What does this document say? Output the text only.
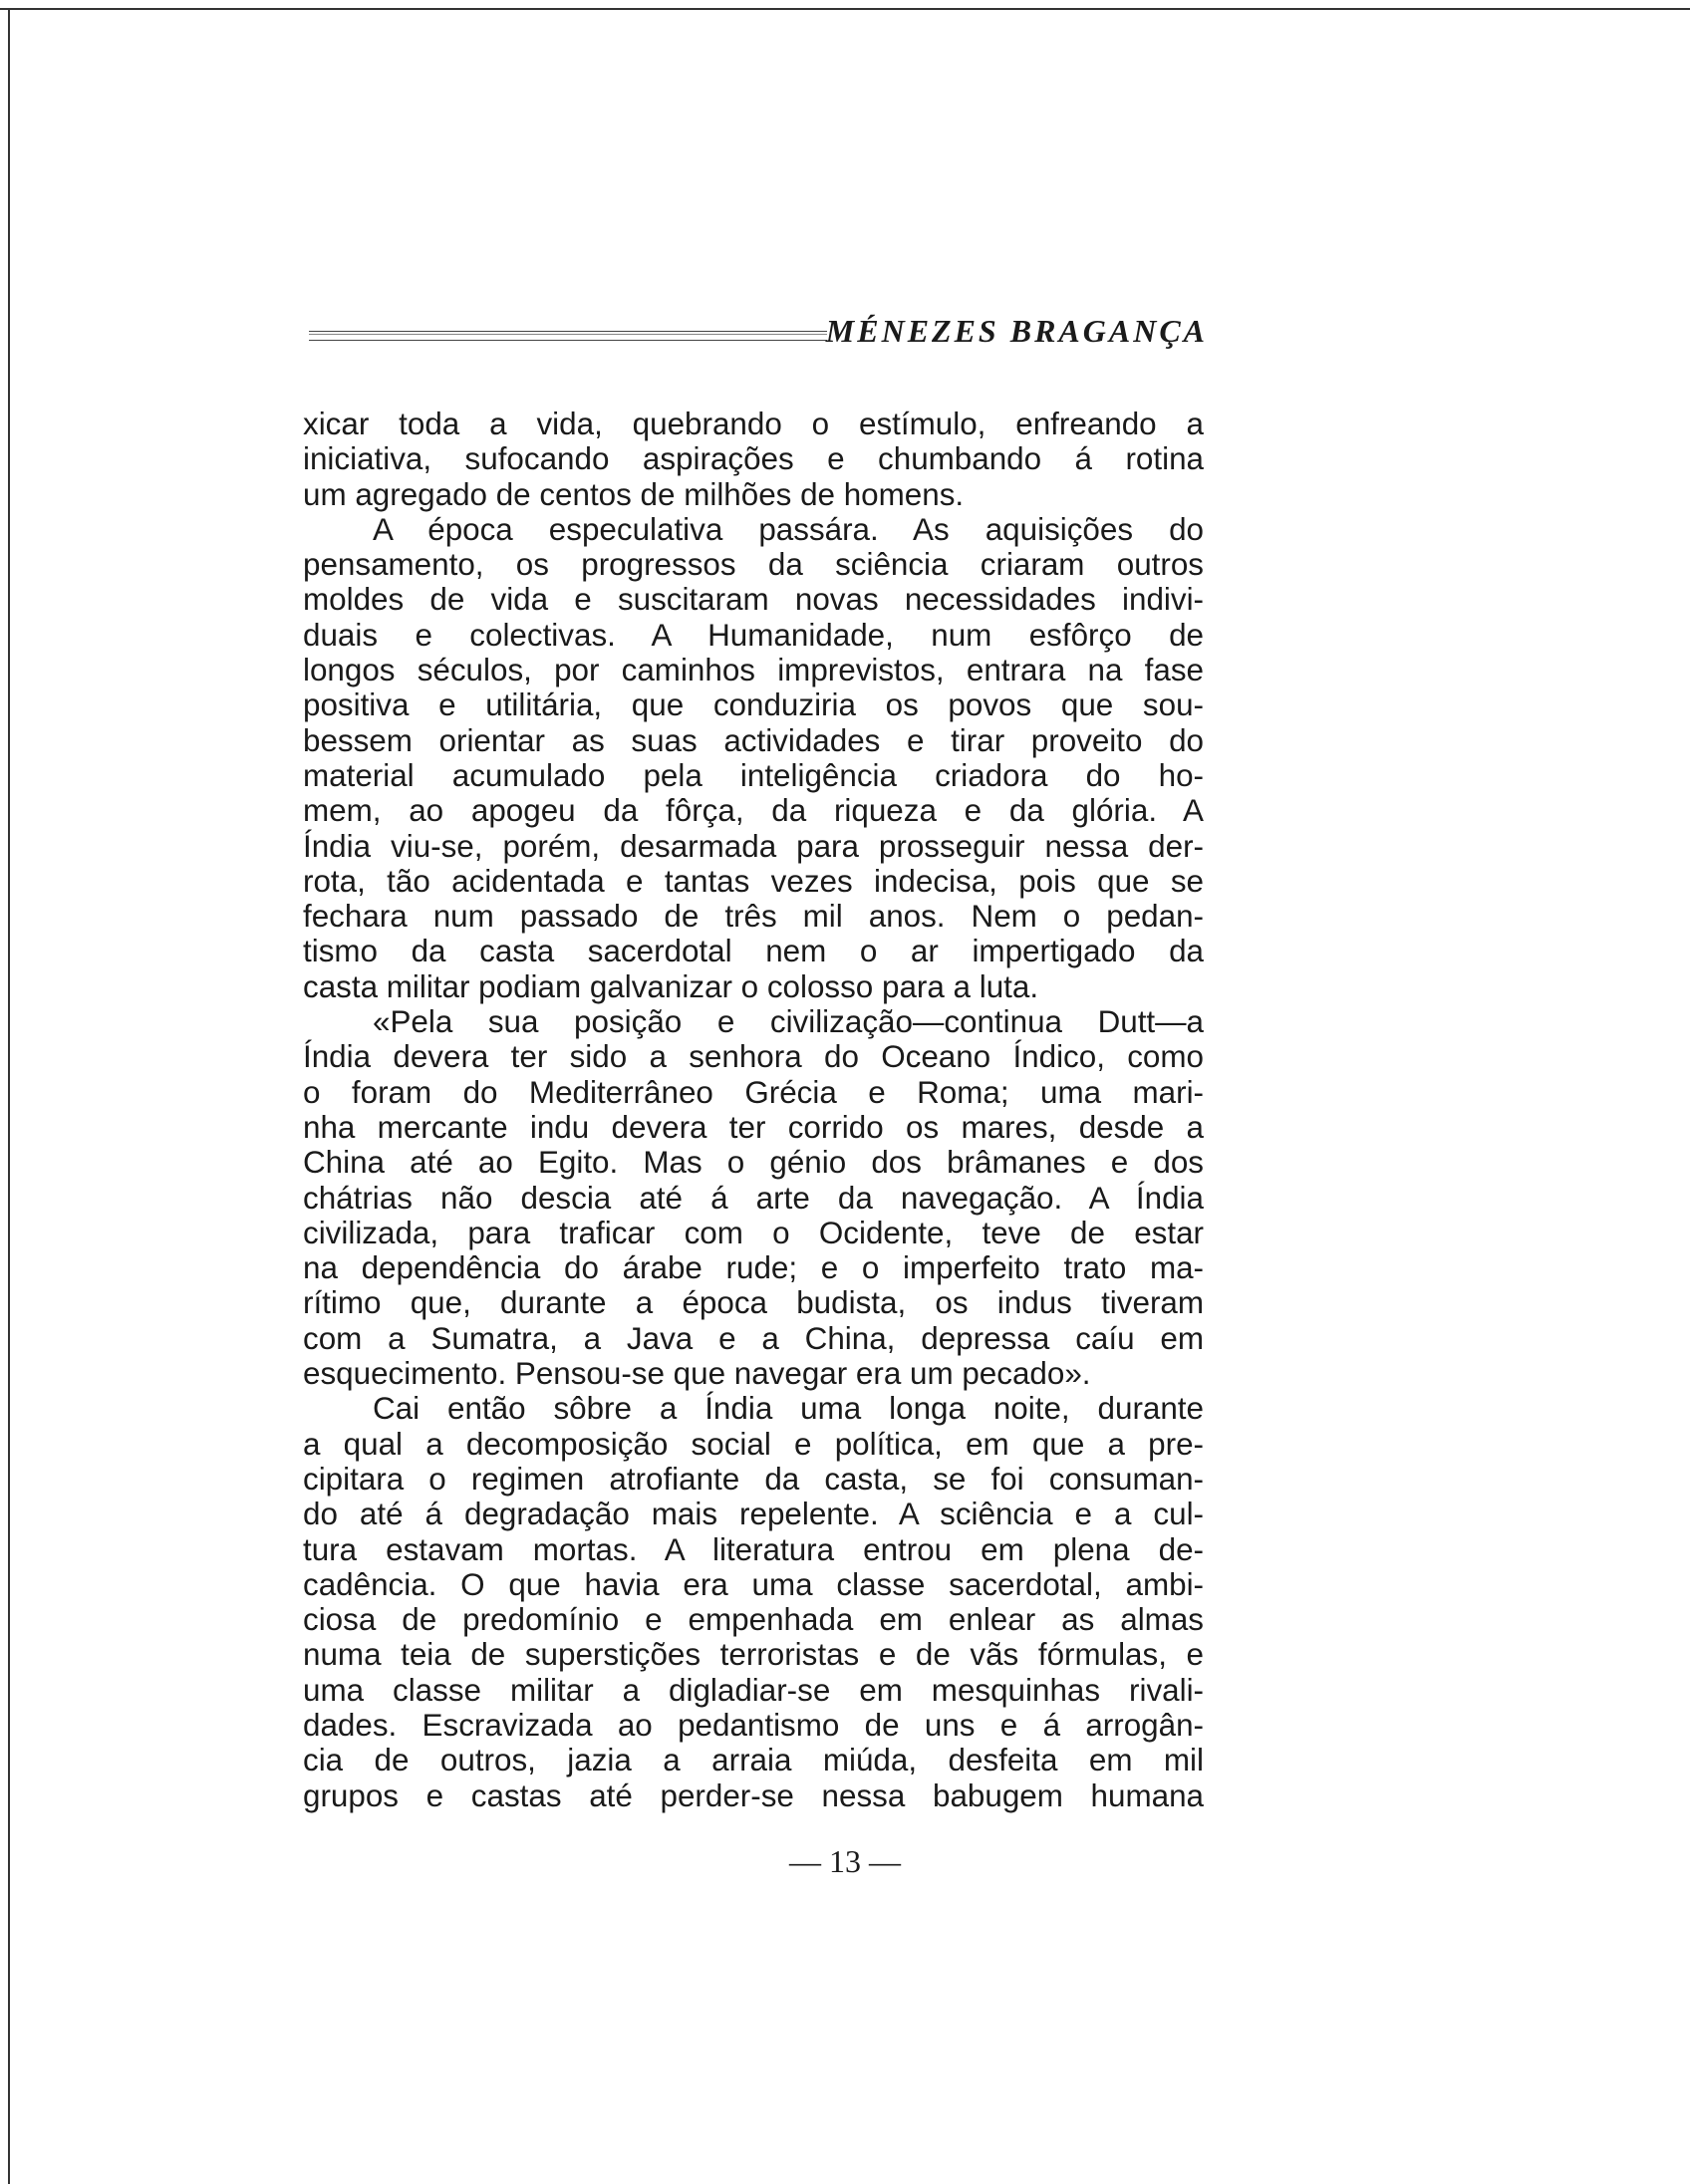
MÉNEZES BRAGANÇA
xicar toda a vida, quebrando o estímulo, enfreando a
iniciativa, sufocando aspirações e chumbando á rotina
um agregado de centos de milhões de homens.
A época especulativa passára. As aquisições do
pensamento, os progressos da sciência criaram outros
moldes de vida e suscitaram novas necessidades indivi-
duais e colectivas. A Humanidade, num esfôrço de
longos séculos, por caminhos imprevistos, entrara na fase
positiva e utilitária, que conduziria os povos que sou-
bessem orientar as suas actividades e tirar proveito do
material acumulado pela inteligência criadora do ho-
mem, ao apogeu da fôrça, da riqueza e da glória. A
Índia viu-se, porém, desarmada para prosseguir nessa der-
rota, tão acidentada e tantas vezes indecisa, pois que se
fechara num passado de três mil anos. Nem o pedan-
tismo da casta sacerdotal nem o ar impertigado da
casta militar podiam galvanizar o colosso para a luta.
«Pela sua posição e civilização—continua Dutt—a
Índia devera ter sido a senhora do Oceano Índico, como
o foram do Mediterrâneo Grécia e Roma; uma mari-
nha mercante indu devera ter corrido os mares, desde a
China até ao Egito. Mas o génio dos brâmanes e dos
chátrias não descia até á arte da navegação. A Índia
civilizada, para traficar com o Ocidente, teve de estar
na dependência do árabe rude; e o imperfeito trato ma-
rítimo que, durante a época budista, os indus tiveram
com a Sumatra, a Java e a China, depressa caíu em
esquecimento. Pensou-se que navegar era um pecado».
Cai então sôbre a Índia uma longa noite, durante
a qual a decomposição social e política, em que a pre-
cipitara o regimen atrofiante da casta, se foi consuman-
do até á degradação mais repelente. A sciência e a cul-
tura estavam mortas. A literatura entrou em plena de-
cadência. O que havia era uma classe sacerdotal, ambi-
ciosa de predomínio e empenhada em enlear as almas
numa teia de superstições terroristas e de vãs fórmulas, e
uma classe militar a digladiar-se em mesquinhas rivali-
dades. Escravizada ao pedantismo de uns e á arrogân-
cia de outros, jazia a arraia miúda, desfeita em mil
grupos e castas até perder-se nessa babugem humana
— 13 —
